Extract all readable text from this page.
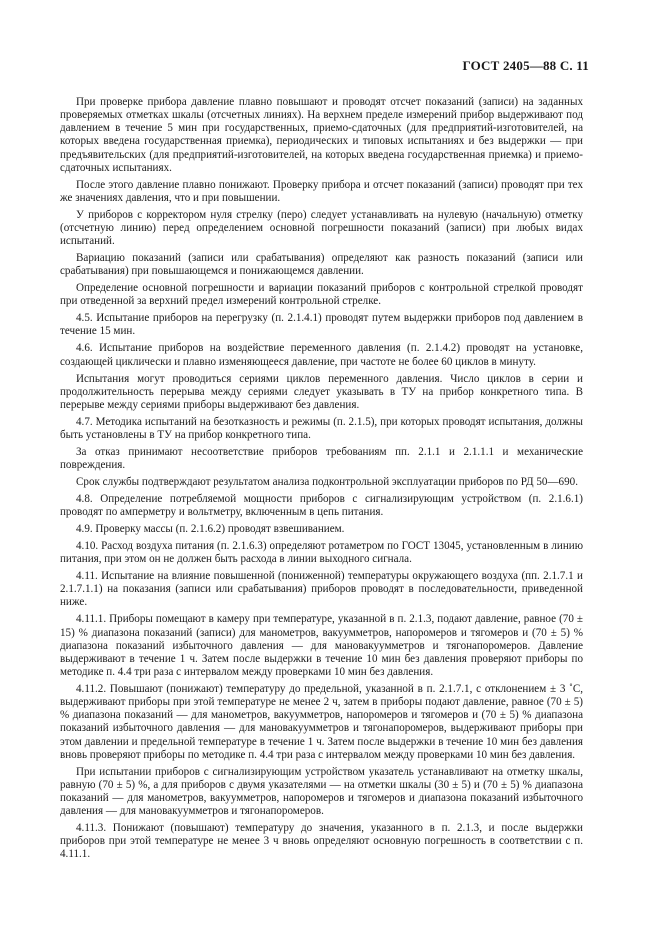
ГОСТ 2405—88 С. 11

При проверке прибора давление плавно повышают и проводят отсчет показаний (записи) на заданных проверяемых отметках шкалы (отсчетных линиях). На верхнем пределе измерений прибор выдерживают под давлением в течение 5 мин при государственных, приемо-сдаточных (для предприятий-изготовителей, на которых введена государственная приемка), периодических и типовых испытаниях и без выдержки — при предъявительских (для предприятий-изготовителей, на которых введена государственная приемка) и приемо-сдаточных испытаниях.

После этого давление плавно понижают. Проверку прибора и отсчет показаний (записи) проводят при тех же значениях давления, что и при повышении.

У приборов с корректором нуля стрелку (перо) следует устанавливать на нулевую (начальную) отметку (отсчетную линию) перед определением основной погрешности показаний (записи) при любых видах испытаний.

Вариацию показаний (записи или срабатывания) определяют как разность показаний (записи или срабатывания) при повышающемся и понижающемся давлении.

Определение основной погрешности и вариации показаний приборов с контрольной стрелкой проводят при отведенной за верхний предел измерений контрольной стрелке.

4.5. Испытание приборов на перегрузку (п. 2.1.4.1) проводят путем выдержки приборов под давлением в течение 15 мин.

4.6. Испытание приборов на воздействие переменного давления (п. 2.1.4.2) проводят на установке, создающей циклически и плавно изменяющееся давление, при частоте не более 60 циклов в минуту.

Испытания могут проводиться сериями циклов переменного давления. Число циклов в серии и продолжительность перерыва между сериями следует указывать в ТУ на прибор конкретного типа. В перерыве между сериями приборы выдерживают без давления.

4.7. Методика испытаний на безотказность и режимы (п. 2.1.5), при которых проводят испытания, должны быть установлены в ТУ на прибор конкретного типа.

За отказ принимают несоответствие приборов требованиям пп. 2.1.1 и 2.1.1.1 и механические повреждения.

Срок службы подтверждают результатом анализа подконтрольной эксплуатации приборов по РД 50—690.

4.8. Определение потребляемой мощности приборов с сигнализирующим устройством (п. 2.1.6.1) проводят по амперметру и вольтметру, включенным в цепь питания.

4.9. Проверку массы (п. 2.1.6.2) проводят взвешиванием.

4.10. Расход воздуха питания (п. 2.1.6.3) определяют ротаметром по ГОСТ 13045, установленным в линию питания, при этом он не должен быть расхода в линии выходного сигнала.

4.11. Испытание на влияние повышенной (пониженной) температуры окружающего воздуха (пп. 2.1.7.1 и 2.1.7.1.1) на показания (записи или срабатывания) приборов проводят в последовательности, приведенной ниже.

4.11.1. Приборы помещают в камеру при температуре, указанной в п. 2.1.3, подают давление, равное (70 ± 15) % диапазона показаний (записи) для манометров, вакуумметров, напоромеров и тягомеров и (70 ± 5) % диапазона показаний избыточного давления — для мановакуумметров и тягонапоромеров. Давление выдерживают в течение 1 ч. Затем после выдержки в течение 10 мин без давления проверяют приборы по методике п. 4.4 три раза с интервалом между проверками 10 мин без давления.

4.11.2. Повышают (понижают) температуру до предельной, указанной в п. 2.1.7.1, с отклонением ± 3 ˚С, выдерживают приборы при этой температуре не менее 2 ч, затем в приборы подают давление, равное (70 ± 5) % диапазона показаний — для манометров, вакуумметров, напоромеров и тягомеров и (70 ± 5) % диапазона показаний избыточного давления — для мановакуумметров и тягонапоромеров, выдерживают приборы при этом давлении и предельной температуре в течение 1 ч. Затем после выдержки в течение 10 мин без давления вновь проверяют приборы по методике п. 4.4 три раза с интервалом между проверками 10 мин без давления.

При испытании приборов с сигнализирующим устройством указатель устанавливают на отметку шкалы, равную (70 ± 5) %, а для приборов с двумя указателями — на отметки шкалы (30 ± 5) и (70 ± 5) % диапазона показаний — для манометров, вакуумметров, напоромеров и тягомеров и диапазона показаний избыточного давления — для мановакуумметров и тягонапоромеров.

4.11.3. Понижают (повышают) температуру до значения, указанного в п. 2.1.3, и после выдержки приборов при этой температуре не менее 3 ч вновь определяют основную погрешность в соответствии с п. 4.11.1.
